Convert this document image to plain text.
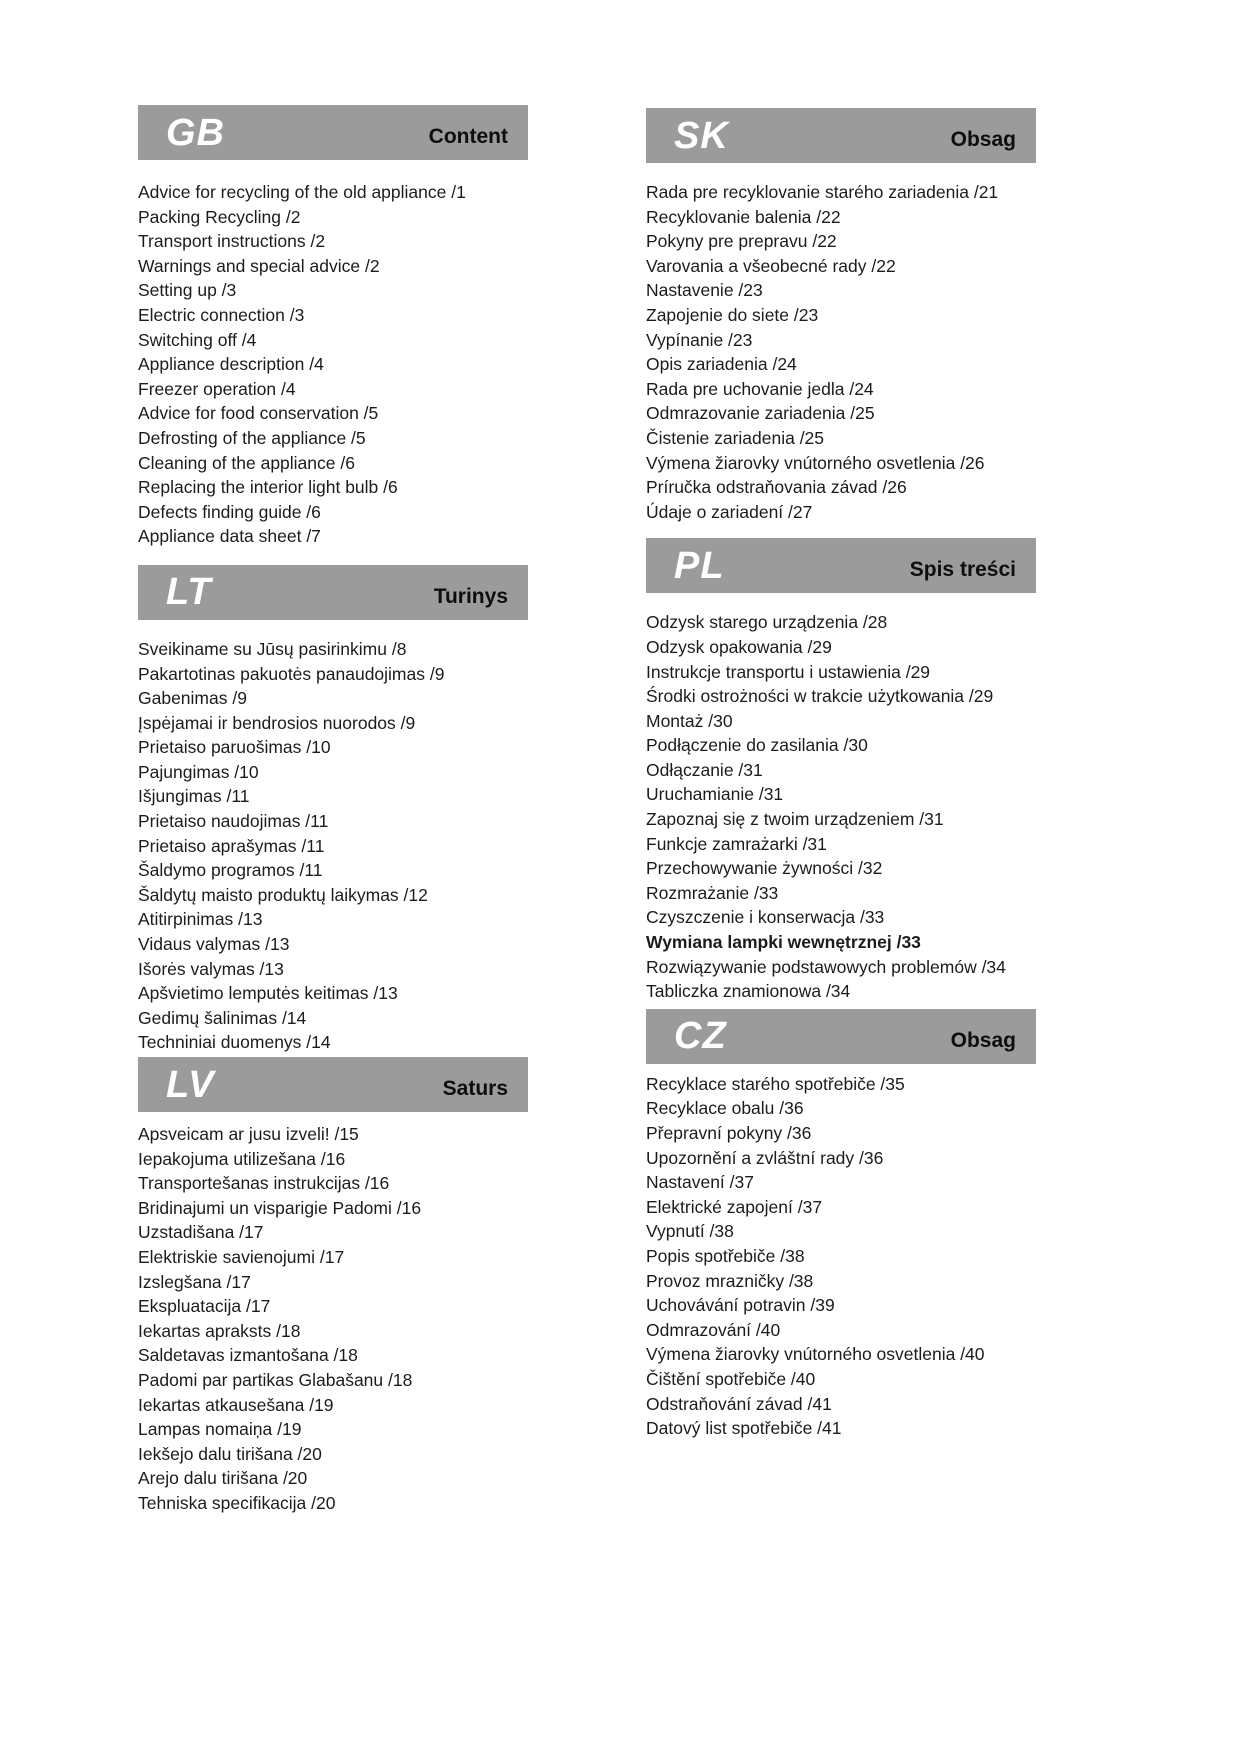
GB	Content
Advice for recycling of the old appliance /1
Packing Recycling /2
Transport instructions /2
Warnings and special advice /2
Setting up /3
Electric connection /3
Switching off /4
Appliance description /4
Freezer operation /4
Advice for food conservation /5
Defrosting of the appliance /5
Cleaning of the appliance /6
Replacing the interior light bulb /6
Defects finding guide /6
Appliance data sheet /7
LT	Turinys
Sveikiname su Jūsų pasirinkimu /8
Pakartotinas pakuotės panaudojimas /9
Gabenimas /9
Įspėjamai ir bendrosios nuorodos /9
Prietaiso paruošimas /10
Pajungimas /10
Išjungimas /11
Prietaiso naudojimas /11
Prietaiso aprašymas /11
Šaldymo programos /11
Šaldytų maisto produktų laikymas /12
Atitirpinimas /13
Vidaus valymas /13
Išorės valymas /13
Apšvietimo lemputės keitimas /13
Gedimų šalinimas /14
Techniniai duomenys /14
LV	Saturs
Apsveicam ar jusu izveli! /15
Iepakojuma utilizešana /16
Transportešanas instrukcijas /16
Bridinajumi un visparigie Padomi /16
Uzstadišana /17
Elektriskie savienojumi /17
Izslegšana /17
Ekspluatacija /17
Iekartas apraksts /18
Saldetavas izmantošana /18
Padomi par partikas Glabašanu /18
Iekartas atkausešana /19
Lampas nomaiņa /19
Iekšejo dalu tirišana /20
Arejo dalu tirišana /20
Tehniska specifikacija /20
SK	Obsag
Rada pre recyklovanie starého zariadenia /21
Recyklovanie balenia /22
Pokyny pre prepravu /22
Varovania a všeobecné rady /22
Nastavenie /23
Zapojenie do siete /23
Vypínanie /23
Opis zariadenia /24
Rada pre uchovanie jedla /24
Odmrazovanie zariadenia /25
Čistenie zariadenia /25
Výmena žiarovky vnútorného osvetlenia /26
Príručka odstraňovania závad /26
Údaje o zariadení /27
PL	Spis treści
Odzysk starego urządzenia /28
Odzysk opakowania /29
Instrukcje transportu i ustawienia /29
Środki ostrożności w trakcie użytkowania /29
Montaż /30
Podłączenie do zasilania /30
Odłączanie /31
Uruchamianie /31
Zapoznaj się z twoim urządzeniem /31
Funkcje zamrażarki /31
Przechowywanie żywności /32
Rozmrażanie /33
Czyszczenie i konserwacja /33
Wymiana lampki wewnętrznej /33
Rozwiązywanie podstawowych problemów /34
Tabliczka znamionowa /34
CZ	Obsag
Recyklace starého spotřebiče /35
Recyklace obalu /36
Přepravní pokyny /36
Upozornění a zvláštní rady /36
Nastavení /37
Elektrické zapojení /37
Vypnutí /38
Popis spotřebiče /38
Provoz mrazničky /38
Uchovávání potravin /39
Odmrazování /40
Výmena žiarovky vnútorného osvetlenia /40
Čištění spotřebiče /40
Odstraňování závad /41
Datový list spotřebiče /41
